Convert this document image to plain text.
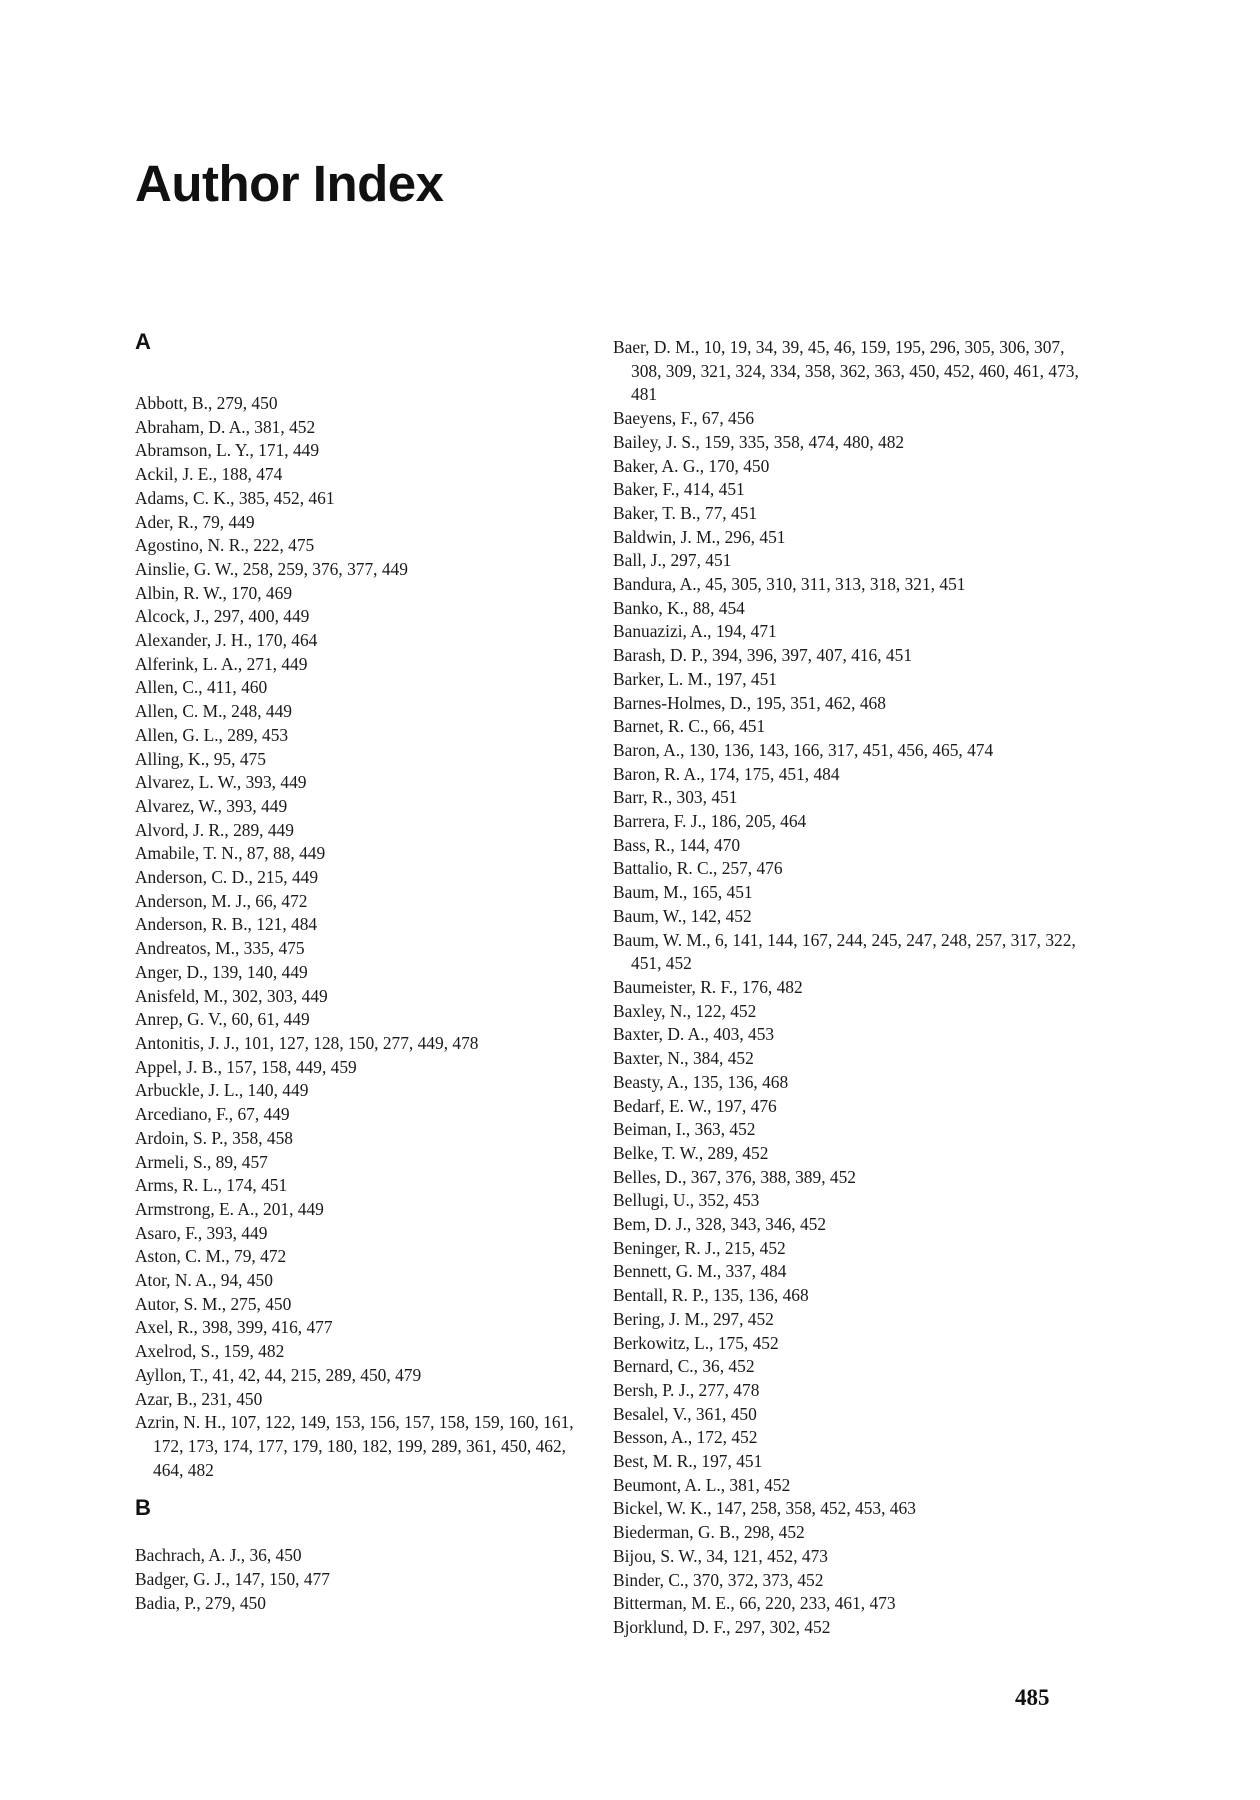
Author Index
A

Abbott, B., 279, 450

Abraham, D. A., 381, 452

Abramson, L. Y., 171, 449

Ackil, J. E., 188, 474

Adams, C. K., 385, 452, 461

Ader, R., 79, 449

Agostino, N. R., 222, 475

Ainslie, G. W., 258, 259, 376, 377, 449

Albin, R. W., 170, 469

Alcock, J., 297, 400, 449

Alexander, J. H., 170, 464

Alferink, L. A., 271, 449

Allen, C., 411, 460

Allen, C. M., 248, 449

Allen, G. L., 289, 453

Alling, K., 95, 475

Alvarez, L. W., 393, 449

Alvarez, W., 393, 449

Alvord, J. R., 289, 449

Amabile, T. N., 87, 88, 449

Anderson, C. D., 215, 449

Anderson, M. J., 66, 472

Anderson, R. B., 121, 484

Andreatos, M., 335, 475

Anger, D., 139, 140, 449

Anisfeld, M., 302, 303, 449

Anrep, G. V., 60, 61, 449

Antonitis, J. J., 101, 127, 128, 150, 277, 449, 478

Appel, J. B., 157, 158, 449, 459

Arbuckle, J. L., 140, 449

Arcediano, F., 67, 449

Ardoin, S. P., 358, 458

Armeli, S., 89, 457

Arms, R. L., 174, 451

Armstrong, E. A., 201, 449

Asaro, F., 393, 449

Aston, C. M., 79, 472

Ator, N. A., 94, 450

Autor, S. M., 275, 450

Axel, R., 398, 399, 416, 477

Axelrod, S., 159, 482

Ayllon, T., 41, 42, 44, 215, 289, 450, 479

Azar, B., 231, 450

Azrin, N. H., 107, 122, 149, 153, 156, 157, 158, 159, 160, 161, 172, 173, 174, 177, 179, 180, 182, 199, 289, 361, 450, 462, 464, 482

B

Bachrach, A. J., 36, 450

Badger, G. J., 147, 150, 477

Badia, P., 279, 450

Baer, D. M., 10, 19, 34, 39, 45, 46, 159, 195, 296, 305, 306, 307, 308, 309, 321, 324, 334, 358, 362, 363, 450, 452, 460, 461, 473, 481

Baeyens, F., 67, 456

Bailey, J. S., 159, 335, 358, 474, 480, 482

Baker, A. G., 170, 450

Baker, F., 414, 451

Baker, T. B., 77, 451

Baldwin, J. M., 296, 451

Ball, J., 297, 451

Bandura, A., 45, 305, 310, 311, 313, 318, 321, 451

Banko, K., 88, 454

Banuazizi, A., 194, 471

Barash, D. P., 394, 396, 397, 407, 416, 451

Barker, L. M., 197, 451

Barnes-Holmes, D., 195, 351, 462, 468

Barnet, R. C., 66, 451

Baron, A., 130, 136, 143, 166, 317, 451, 456, 465, 474

Baron, R. A., 174, 175, 451, 484

Barr, R., 303, 451

Barrera, F. J., 186, 205, 464

Bass, R., 144, 470

Battalio, R. C., 257, 476

Baum, M., 165, 451

Baum, W., 142, 452

Baum, W. M., 6, 141, 144, 167, 244, 245, 247, 248, 257, 317, 322, 451, 452

Baumeister, R. F., 176, 482

Baxley, N., 122, 452

Baxter, D. A., 403, 453

Baxter, N., 384, 452

Beasty, A., 135, 136, 468

Bedarf, E. W., 197, 476

Beiman, I., 363, 452

Belke, T. W., 289, 452

Belles, D., 367, 376, 388, 389, 452

Bellugi, U., 352, 453

Bem, D. J., 328, 343, 346, 452

Beninger, R. J., 215, 452

Bennett, G. M., 337, 484

Bentall, R. P., 135, 136, 468

Bering, J. M., 297, 452

Berkowitz, L., 175, 452

Bernard, C., 36, 452

Bersh, P. J., 277, 478

Besalel, V., 361, 450

Besson, A., 172, 452

Best, M. R., 197, 451

Beumont, A. L., 381, 452

Bickel, W. K., 147, 258, 358, 452, 453, 463

Biederman, G. B., 298, 452

Bijou, S. W., 34, 121, 452, 473

Binder, C., 370, 372, 373, 452

Bitterman, M. E., 66, 220, 233, 461, 473

Bjorklund, D. F., 297, 302, 452

485
